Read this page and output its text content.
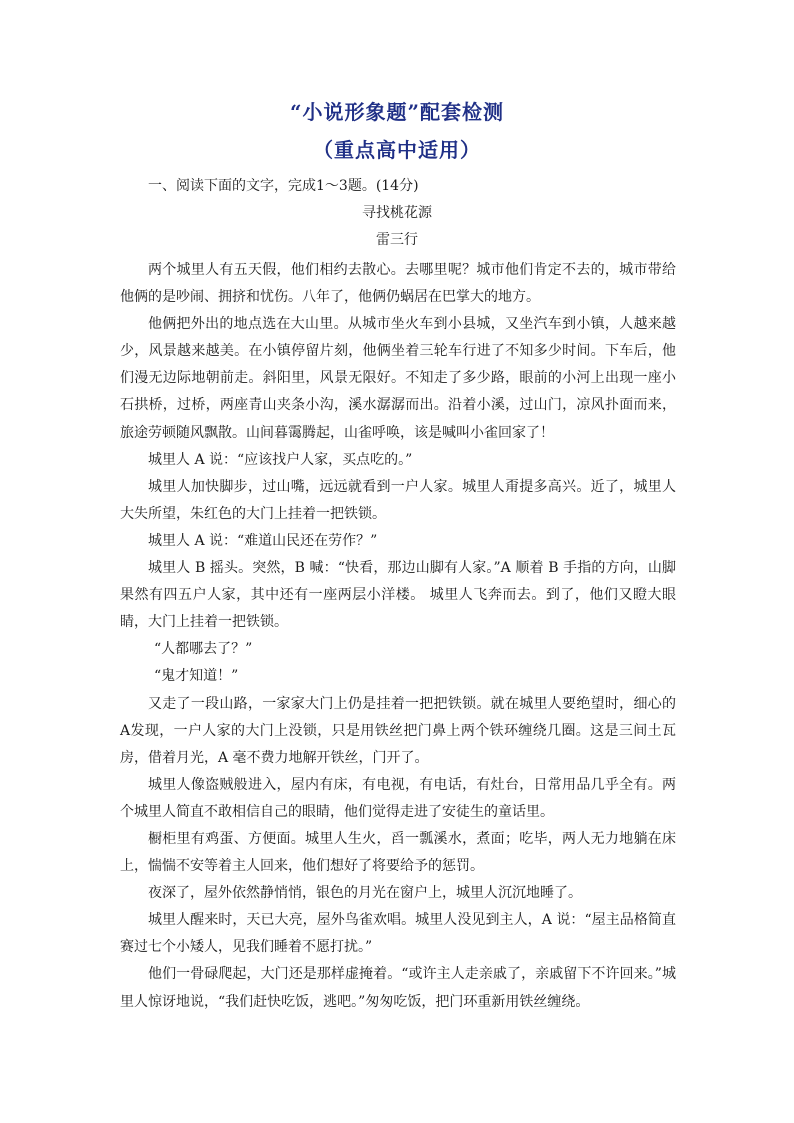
“小说形象题”配套检测
（重点高中适用）
一、阅读下面的文字，完成1～3题。(14分)
寻找桃花源
雷三行

两个城里人有五天假，他们相约去散心。去哪里呢？城市他们肯定不去的，城市带给他俩的是吵闹、拥挤和忧伤。八年了，他俩仍蜗居在巴掌大的地方。

他俩把外出的地点选在大山里。从城市坐火车到小县城，又坐汽车到小镇，人越来越少，风景越来越美。在小镇停留片刻，他俩坐着三轮车行进了不知多少时间。下车后，他们漫无边际地朝前走。斜阳里，风景无限好。不知走了多少路，眼前的小河上出现一座小石拱桥，过桥，两座青山夹条小沟，溪水潺潺而出。沿着小溪，过山门，凉风扑面而来，旅途劳顿随风飘散。山间暮霭腾起，山雀呼唤，该是喊叫小雀回家了！

城里人 A 说：“应该找户人家，买点吃的。”

城里人加快脚步，过山嘴，远远就看到一户人家。城里人甭提多高兴。近了，城里人大失所望，朱红色的大门上挂着一把铁锁。

城里人 A 说：“难道山民还在劳作？”

城里人 B 摇头。突然，B 喊：“快看，那边山脚有人家。”A 顺着 B 手指的方向，山脚果然有四五户人家，其中还有一座两层小洋楼。 城里人飞奔而去。到了，他们又瞪大眼睛，大门上挂着一把铁锁。

“人都哪去了？”

“鬼才知道！”

又走了一段山路，一家家大门上仍是挂着一把把铁锁。就在城里人要绝望时，细心的A发现，一户人家的大门上没锁，只是用铁丝把门鼻上两个铁环缠绕几圈。这是三间土瓦房，借着月光，A 毫不费力地解开铁丝，门开了。

城里人像盗贼般进入，屋内有床，有电视，有电话，有灶台，日常用品几乎全有。两个城里人简直不敢相信自己的眼睛，他们觉得走进了安徒生的童话里。

橱柜里有鸡蛋、方便面。城里人生火，舀一瓢溪水，煮面；吃毕，两人无力地躺在床上，惴惴不安等着主人回来，他们想好了将要给予的惩罚。

夜深了，屋外依然静悄悄，银色的月光在窗户上，城里人沉沉地睡了。

城里人醒来时，天已大亮，屋外鸟雀欢唱。城里人没见到主人，A 说：“屋主品格简直赛过七个小矮人，见我们睡着不愿打扰。”

他们一骨碌爬起，大门还是那样虚掩着。“或许主人走亲戚了，亲戚留下不许回来。”城里人惊讶地说，“我们赶快吃饭，逃吧。”匆匆吃饭，把门环重新用铁丝缠绕。
